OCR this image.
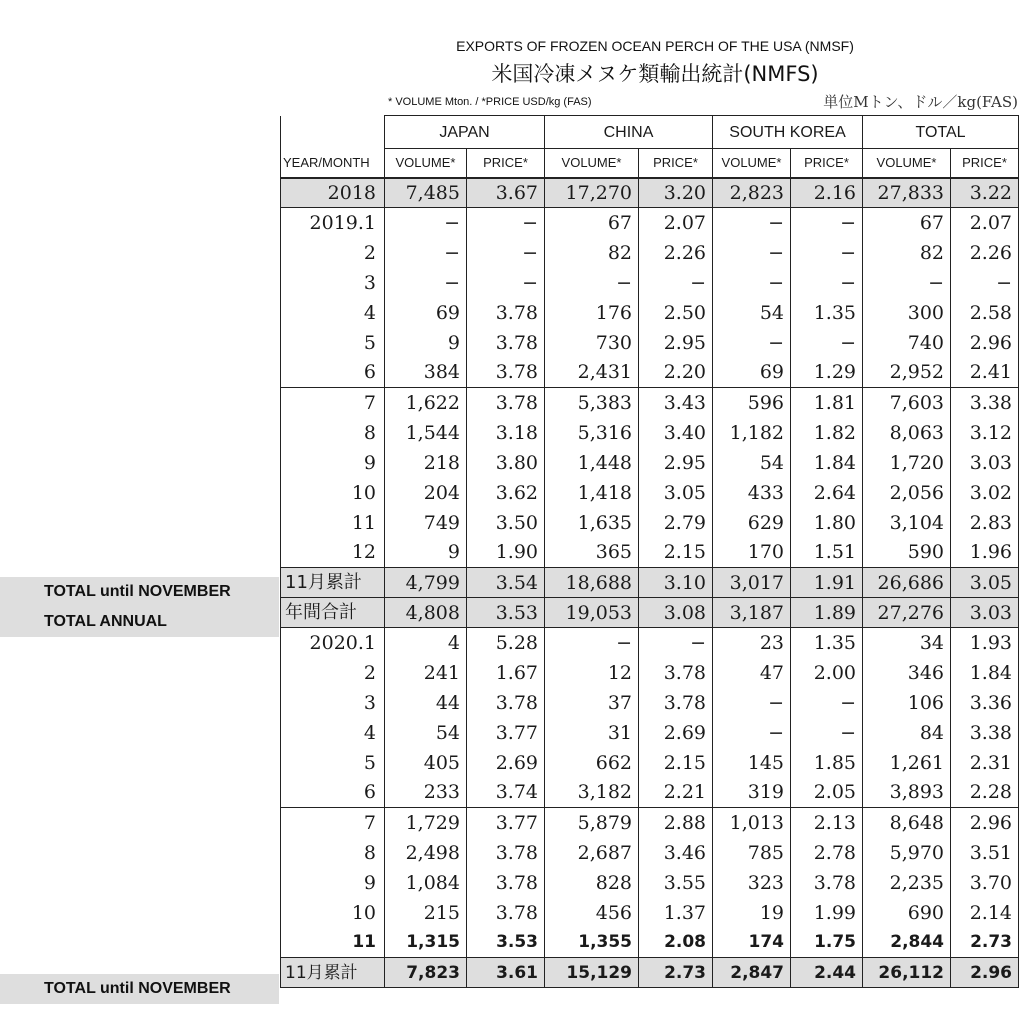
EXPORTS OF FROZEN OCEAN PERCH OF THE USA (NMSF)
米国冷凍メヌケ類輸出統計(NMFS)
* VOLUME Mton. / *PRICE USD/kg (FAS)	単位Mトン、ドル／kg(FAS)
TOTAL until NOVEMBER
TOTAL ANNUAL
TOTAL until NOVEMBER
	JAPAN		CHINA		SOUTH KOREA		TOTAL	
YEAR/MONTH	VOLUME*	PRICE*	VOLUME*	PRICE*	VOLUME*	PRICE*	VOLUME*	PRICE*
2018	7,485	3.67	17,270	3.20	2,823	2.16	27,833	3.22
2019.1	−	−	67	2.07	−	−	67	2.07
2	−	−	82	2.26	−	−	82	2.26
3	−	−	−	−	−	−	−	−
4	69	3.78	176	2.50	54	1.35	300	2.58
5	9	3.78	730	2.95	−	−	740	2.96
6	384	3.78	2,431	2.20	69	1.29	2,952	2.41
7	1,622	3.78	5,383	3.43	596	1.81	7,603	3.38
8	1,544	3.18	5,316	3.40	1,182	1.82	8,063	3.12
9	218	3.80	1,448	2.95	54	1.84	1,720	3.03
10	204	3.62	1,418	3.05	433	2.64	2,056	3.02
11	749	3.50	1,635	2.79	629	1.80	3,104	2.83
12	9	1.90	365	2.15	170	1.51	590	1.96
11月累計	4,799	3.54	18,688	3.10	3,017	1.91	26,686	3.05
年間合計	4,808	3.53	19,053	3.08	3,187	1.89	27,276	3.03
2020.1	4	5.28	−	−	23	1.35	34	1.93
2	241	1.67	12	3.78	47	2.00	346	1.84
3	44	3.78	37	3.78	−	−	106	3.36
4	54	3.77	31	2.69	−	−	84	3.38
5	405	2.69	662	2.15	145	1.85	1,261	2.31
6	233	3.74	3,182	2.21	319	2.05	3,893	2.28
7	1,729	3.77	5,879	2.88	1,013	2.13	8,648	2.96
8	2,498	3.78	2,687	3.46	785	2.78	5,970	3.51
9	1,084	3.78	828	3.55	323	3.78	2,235	3.70
10	215	3.78	456	1.37	19	1.99	690	2.14
11	1,315	3.53	1,355	2.08	174	1.75	2,844	2.73
11月累計	7,823	3.61	15,129	2.73	2,847	2.44	26,112	2.96
